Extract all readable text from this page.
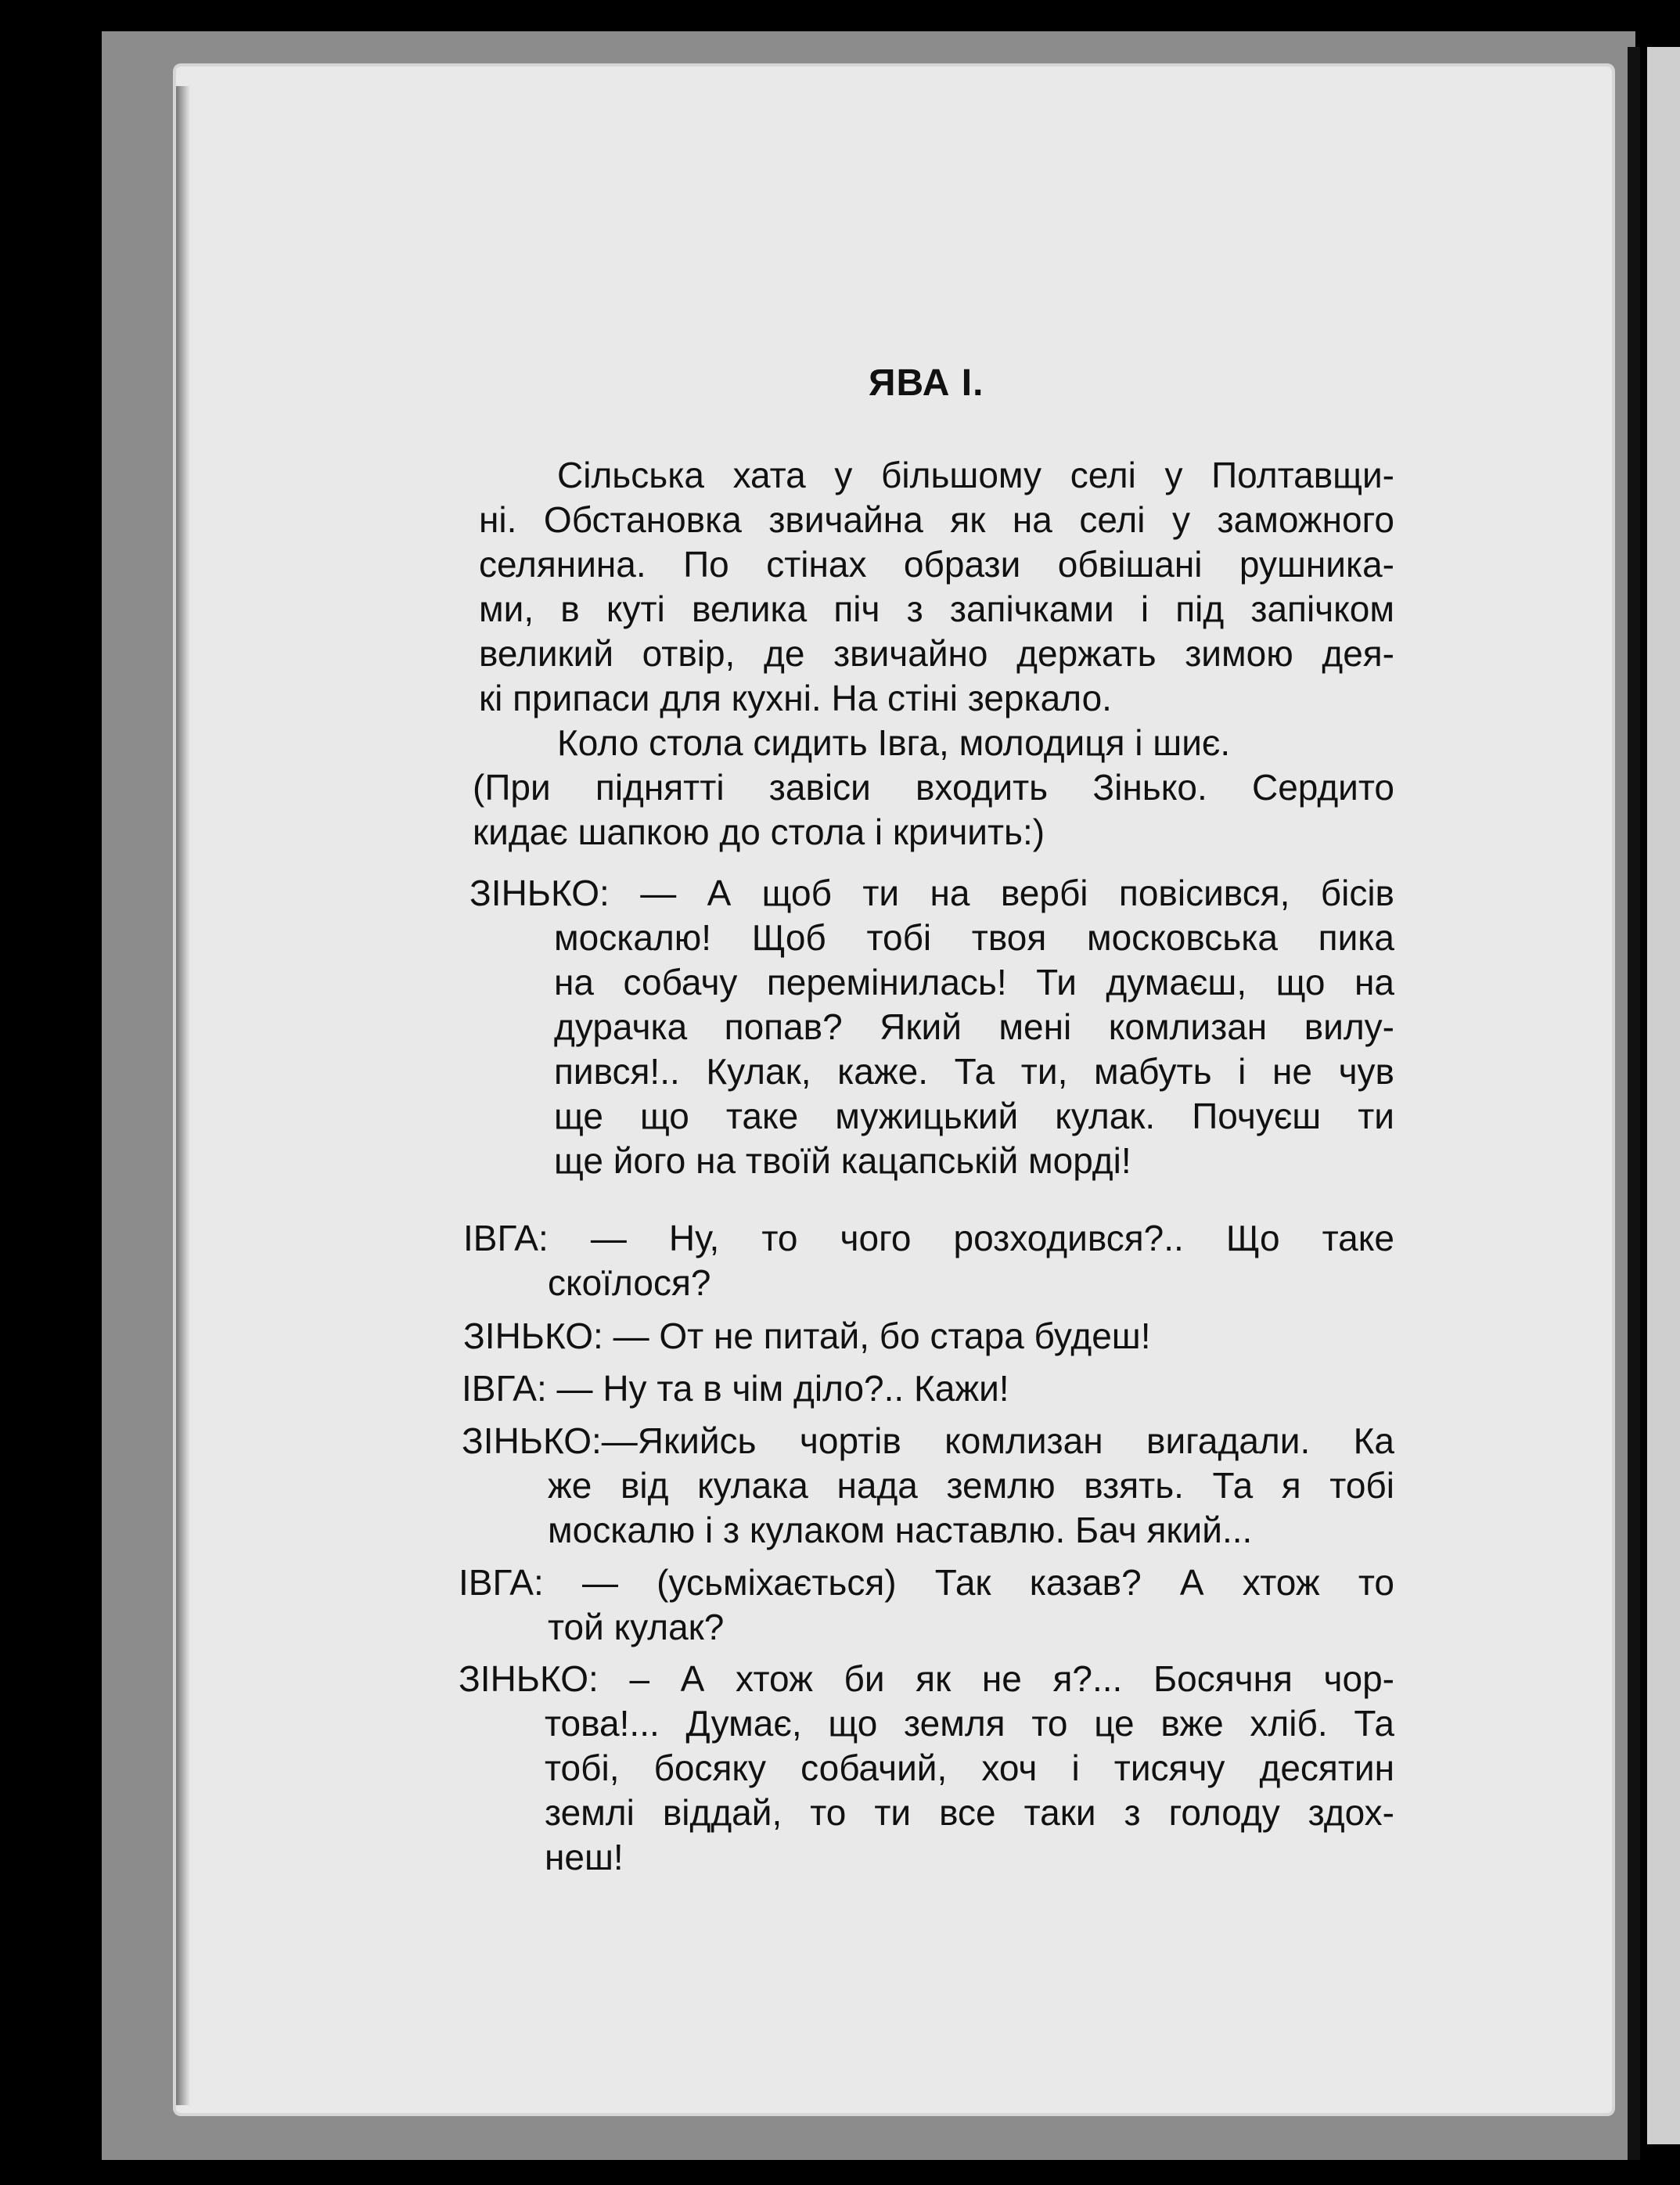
ЯВА І.
Сільська хата у більшому селі у Полтавщи-
ні. Обстановка звичайна як на селі у заможного
селянина. По стінах образи обвішані рушника-
ми, в куті велика піч з запічками і під запічком
великий отвір, де звичайно держать зимою дея-
кі припаси для кухні. На стіні зеркало.
Коло стола сидить Івга, молодиця і шиє.
(При пiднятті завіси входить Зінько. Сердито
кидає шапкою до стола і кричить:)
ЗІНЬКО: — А щоб ти на вербі повісився, бісів
москалю! Щоб тобі твоя московська пика
на собачу перемінилась! Ти думаєш, що на
дурачка попав? Який мені комлизан вилу-
пився!.. Кулак, каже. Та ти, мабуть і не чув
ще що таке мужицький кулак. Почуєш ти
ще його на твоїй кацапській морді!
ІВГА: — Ну, то чого розходився?.. Що таке
скоїлося?
ЗІНЬКО: — От не питай, бо стара будеш!
ІВГА: — Ну та в чім діло?.. Кажи!
ЗІНЬКО:—Якийсь чортів комлизан вигадали. Ка
же від кулака нада землю взять. Та я тобі
москалю і з кулаком наставлю. Бач який...
ІВГА: — (усьміхається) Так казав? А хтож то
той кулак?
ЗІНЬКО: – А хтож би як не я?... Босячня чор-
това!... Думає, що земля то це вже хліб. Та
тобі, босяку собачий, хоч і тисячу десятин
землі віддай, то ти все таки з голоду здох-
неш!
